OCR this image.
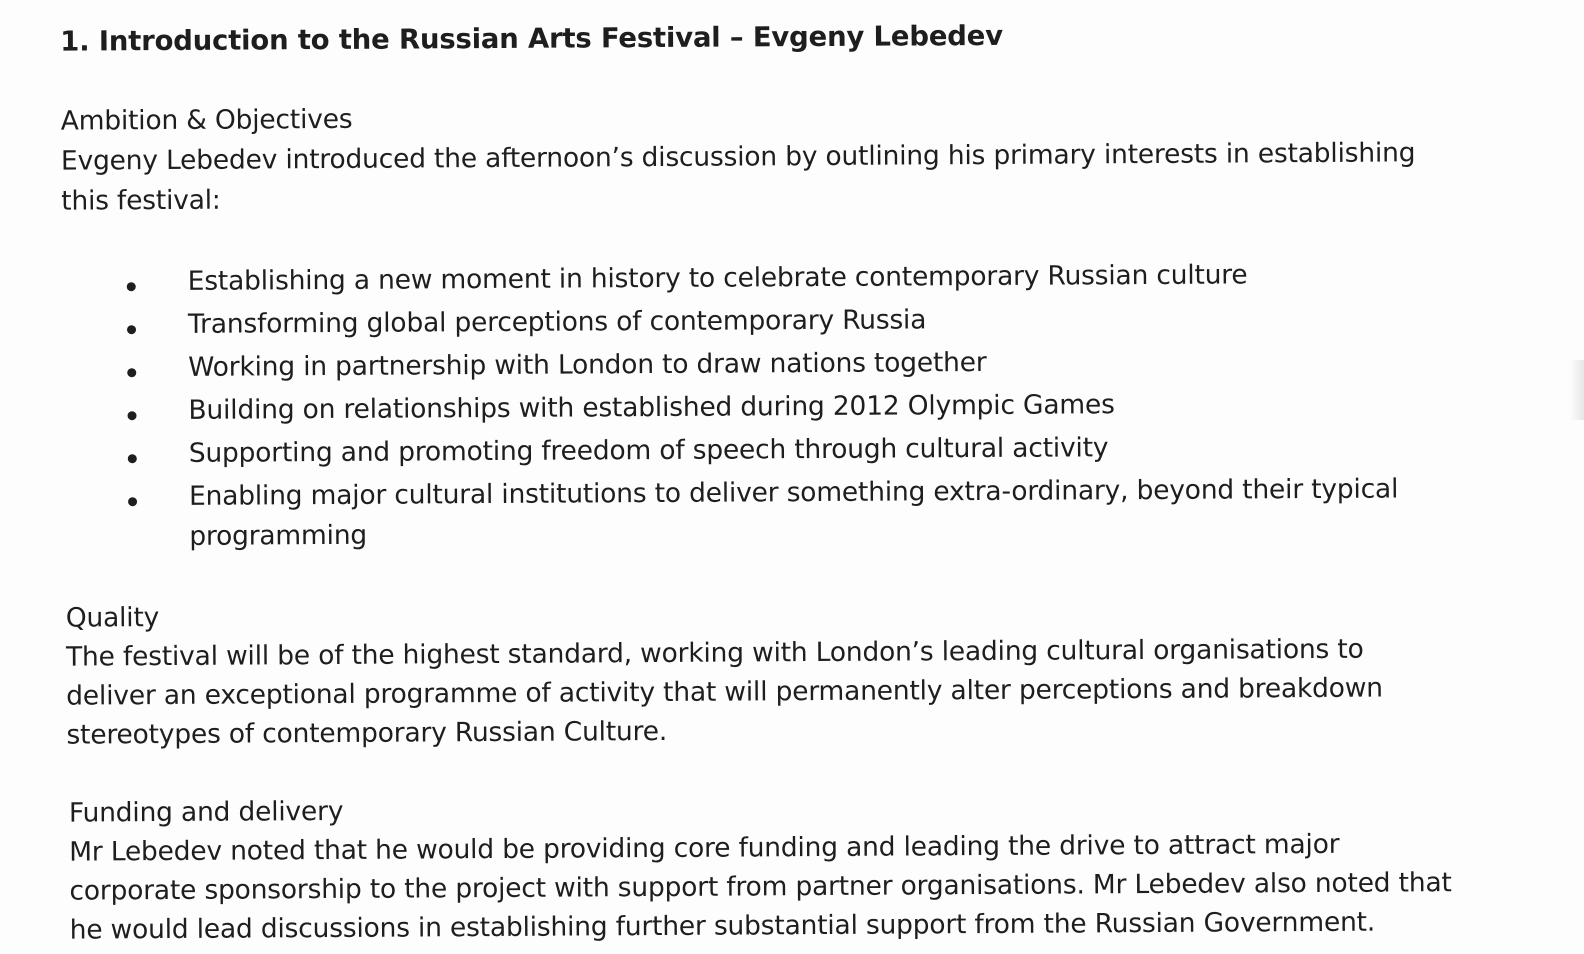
1. Introduction to the Russian Arts Festival – Evgeny Lebedev
Ambition & Objectives
Evgeny Lebedev introduced the afternoon’s discussion by outlining his primary interests in establishing
this festival:
Establishing a new moment in history to celebrate contemporary Russian culture
Transforming global perceptions of contemporary Russia
Working in partnership with London to draw nations together
Building on relationships with established during 2012 Olympic Games
Supporting and promoting freedom of speech through cultural activity
Enabling major cultural institutions to deliver something extra-ordinary, beyond their typical
programming
Quality
The festival will be of the highest standard, working with London’s leading cultural organisations to
deliver an exceptional programme of activity that will permanently alter perceptions and breakdown
stereotypes of contemporary Russian Culture.
Funding and delivery
Mr Lebedev noted that he would be providing core funding and leading the drive to attract major
corporate sponsorship to the project with support from partner organisations. Mr Lebedev also noted that
he would lead discussions in establishing further substantial support from the Russian Government.
